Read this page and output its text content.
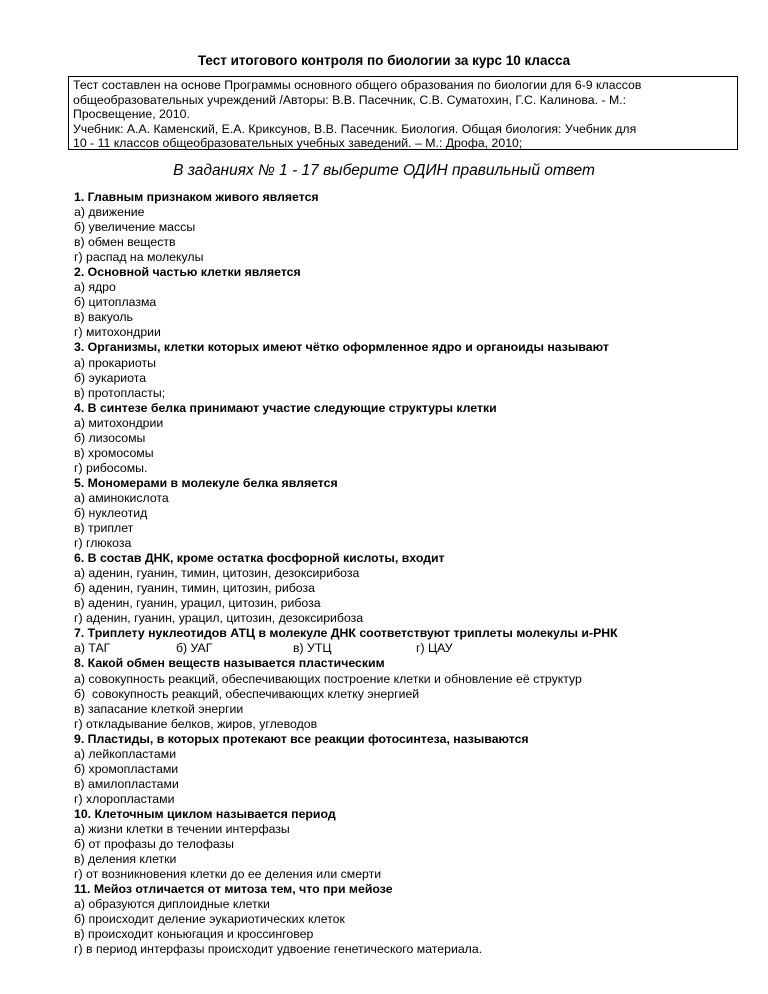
Тест итогового контроля по биологии за курс 10 класса
Тест составлен на основе Программы основного общего образования по биологии для 6-9 классов
общеобразовательных учреждений /Авторы: В.В. Пасечник, С.В. Суматохин, Г.С. Калинова. - М.:
Просвещение, 2010.
Учебник: А.А. Каменский, Е.А. Криксунов, В.В. Пасечник. Биология. Общая биология: Учебник для
10 - 11 классов общеобразовательных учебных заведений. – М.: Дрофа, 2010;
В заданиях № 1 - 17 выберите ОДИН правильный ответ
1. Главным признаком живого является
а) движение
б) увеличение массы
в) обмен веществ
г) распад на молекулы
2. Основной частью клетки является
а) ядро
б) цитоплазма
в) вакуоль
г) митохондрии
3. Организмы, клетки которых имеют чётко оформленное ядро и органоиды называют
а) прокариоты
б) эукариота
в) протопласты;
4. В синтезе белка принимают участие следующие структуры клетки
а) митохондрии
б) лизосомы
в) хромосомы
г) рибосомы.
5. Мономерами в молекуле белка является
а) аминокислота
б) нуклеотид
в) триплет
г) глюкоза
6. В состав ДНК, кроме остатка фосфорной кислоты, входит
а) аденин, гуанин, тимин, цитозин, дезоксирибоза
б) аденин, гуанин, тимин, цитозин, рибоза
в) аденин, гуанин, урацил, цитозин, рибоза
г) аденин, гуанин, урацил, цитозин, дезоксирибоза
7. Триплету нуклеотидов АТЦ в молекуле ДНК соответствуют триплеты молекулы и-РНК
а) ТАГ	б) УАГ	в) УТЦ	г) ЦАУ
8. Какой обмен веществ называется пластическим
а) совокупность реакций, обеспечивающих построение клетки и обновление её структур
б)  совокупность реакций, обеспечивающих клетку энергией
в) запасание клеткой энергии
г) откладывание белков, жиров, углеводов
9. Пластиды, в которых протекают все реакции фотосинтеза, называются
а) лейкопластами
б) хромопластами
в) амилопластами
г) хлоропластами
10. Клеточным циклом называется период
а) жизни клетки в течении интерфазы
б) от профазы до телофазы
в) деления клетки
г) от возникновения клетки до ее деления или смерти
11. Мейоз отличается от митоза тем, что при мейозе
а) образуются диплоидные клетки
б) происходит деление эукариотических клеток
в) происходит коньюгация и кроссинговер
г) в период интерфазы происходит удвоение генетического материала.
